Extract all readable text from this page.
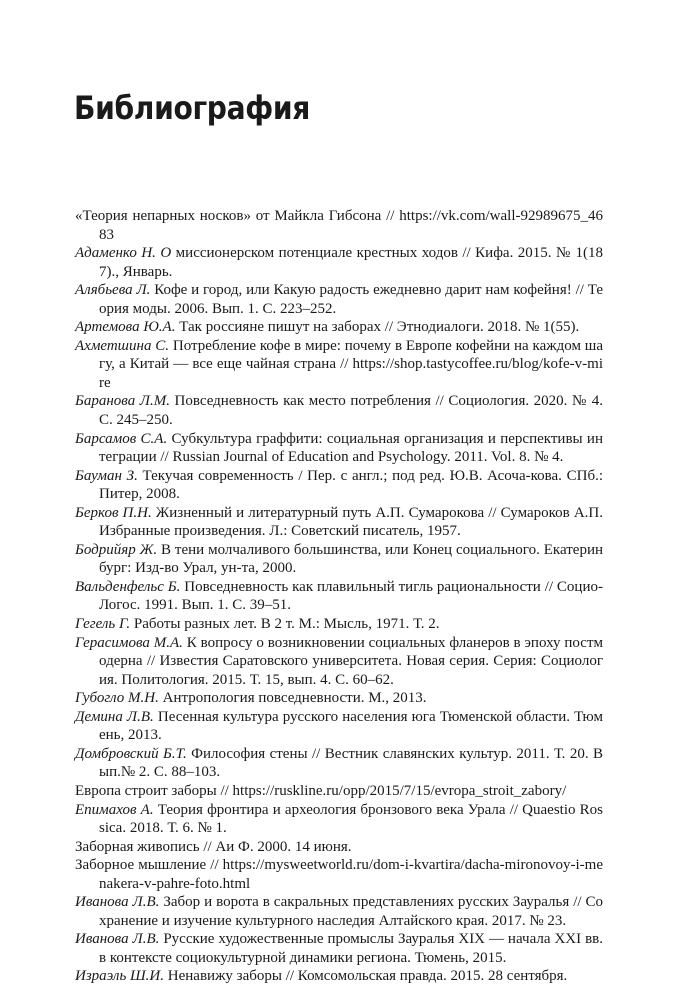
Библиография
«Теория непарных носков» от Майкла Гибсона // https://vk.com/wall-92989675_4683
Адаменко Н. О миссионерском потенциале крестных ходов // Кифа. 2015. № 1(187)., Январь.
Алябьева Л. Кофе и город, или Какую радость ежедневно дарит нам кофейня! // Теория моды. 2006. Вып. 1. С. 223–252.
Артемова Ю.А. Так россияне пишут на заборах // Этнодиалоги. 2018. № 1(55).
Ахметшина С. Потребление кофе в мире: почему в Европе кофейни на каждом шагу, а Китай — все еще чайная страна // https://shop.tastycoffee.ru/blog/kofe-v-mire
Баранова Л.М. Повседневность как место потребления // Социология. 2020. № 4. С. 245–250.
Барсамов С.А. Субкультура граффити: социальная организация и перспективы интеграции // Russian Journal of Education and Psychology. 2011. Vol. 8. № 4.
Бауман З. Текучая современность / Пер. с англ.; под ред. Ю.В. Асоча-кова. СПб.: Питер, 2008.
Берков П.Н. Жизненный и литературный путь А.П. Сумарокова // Сумароков А.П. Избранные произведения. Л.: Советский писатель, 1957.
Бодрийяр Ж. В тени молчаливого большинства, или Конец социального. Екатеринбург: Изд-во Урал, ун-та, 2000.
Вальденфельс Б. Повседневность как плавильный тигль рациональности // Социо-Логос. 1991. Вып. 1. С. 39–51.
Гегель Г. Работы разных лет. В 2 т. М.: Мысль, 1971. Т. 2.
Герасимова М.А. К вопросу о возникновении социальных фланеров в эпоху постмодерна // Известия Саратовского университета. Новая серия. Серия: Социология. Политология. 2015. Т. 15, вып. 4. С. 60–62.
Губогло М.Н. Антропология повседневности. М., 2013.
Демина Л.В. Песенная культура русского населения юга Тюменской области. Тюмень, 2013.
Домбровский Б.Т. Философия стены // Вестник славянских культур. 2011. Т. 20. Вып.№ 2. С. 88–103.
Европа строит заборы // https://ruskline.ru/opp/2015/7/15/evropa_stroit_zabory/
Епимахов А. Теория фронтира и археология бронзового века Урала // Quaestio Rossica. 2018. Т. 6. № 1.
Заборная живопись // Аи Ф. 2000. 14 июня.
Заборное мышление // https://mysweetworld.ru/dom-i-kvartira/dacha-mironovoy-i-menakera-v-pahre-foto.html
Иванова Л.В. Забор и ворота в сакральных представлениях русских Зауралья // Сохранение и изучение культурного наследия Алтайского края. 2017. № 23.
Иванова Л.В. Русские художественные промыслы Зауралья XIX — начала XXI вв. в контексте социокультурной динамики региона. Тюмень, 2015.
Израэль Ш.И. Ненавижу заборы // Комсомольская правда. 2015. 28 сентября.
